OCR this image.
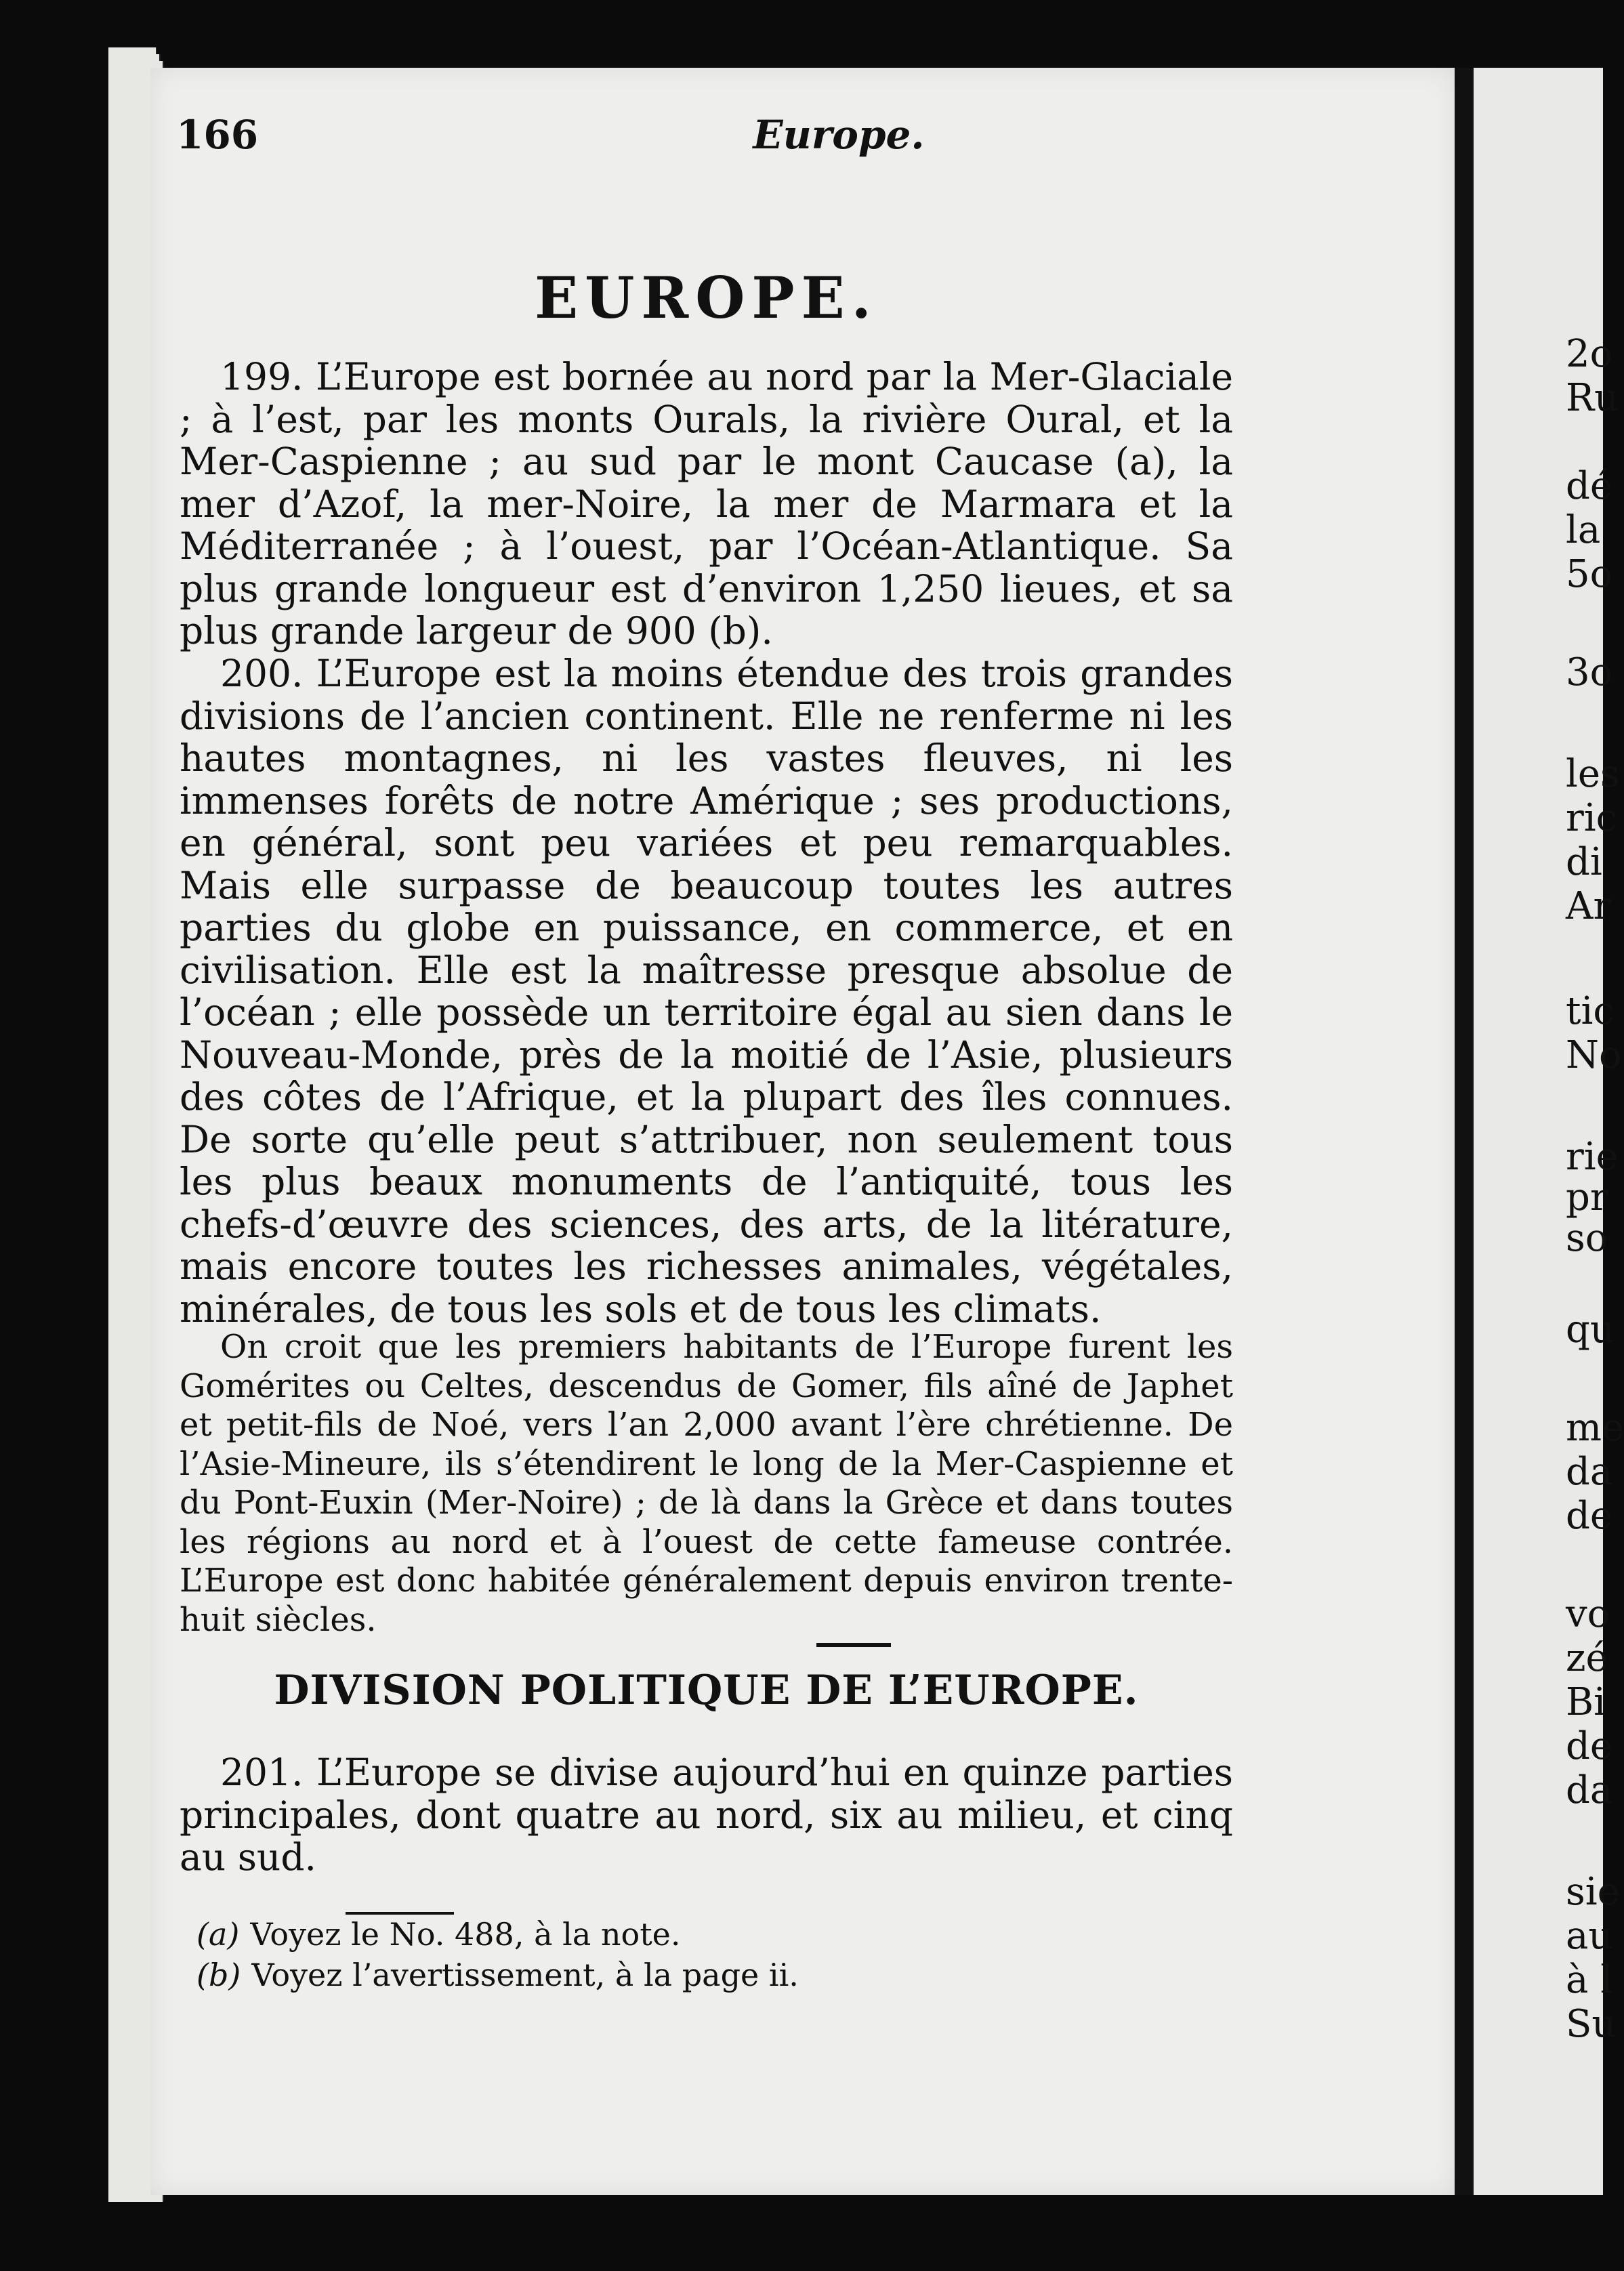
2o
Ru
dé
la
5o
3o
les
ric
di
Ar
tic
No
rie
pr
so
qu
me
da
de
vo
zé
Bi
de
da
sie
au
à l
Su
166	Europe.
EUROPE.

199. L’Europe est bornée au nord par la Mer-Glaciale ; à l’est, par les monts Ourals, la rivière Oural, et la Mer-Caspienne ; au sud par le mont Caucase (a), la mer d’Azof, la mer-Noire, la mer de Marmara et la Méditerranée ; à l’ouest, par l’Océan-Atlantique. Sa plus grande longueur est d’environ 1,250 lieues, et sa plus grande largeur de 900 (b).

200. L’Europe est la moins étendue des trois grandes divisions de l’ancien continent. Elle ne renferme ni les hautes montagnes, ni les vastes fleuves, ni les immenses forêts de notre Amérique ; ses productions, en général, sont peu variées et peu remarquables. Mais elle surpasse de beaucoup toutes les autres parties du globe en puissance, en commerce, et en civilisation. Elle est la maîtresse presque absolue de l’océan ; elle possède un territoire égal au sien dans le Nouveau-Monde, près de la moitié de l’Asie, plusieurs des côtes de l’Afrique, et la plupart des îles connues. De sorte qu’elle peut s’attribuer, non seulement tous les plus beaux monuments de l’antiquité, tous les chefs-d’œuvre des sciences, des arts, de la litérature, mais encore toutes les richesses animales, végétales, minérales, de tous les sols et de tous les climats.

On croit que les premiers habitants de l’Europe furent les Gomérites ou Celtes, descendus de Gomer, fils aîné de Japhet et petit-fils de Noé, vers l’an 2,000 avant l’ère chrétienne. De l’Asie-Mineure, ils s’étendirent le long de la Mer-Caspienne et du Pont-Euxin (Mer-Noire) ; de là dans la Grèce et dans toutes les régions au nord et à l’ouest de cette fameuse contrée. L’Europe est donc habitée généralement depuis environ trente-huit siècles.

DIVISION POLITIQUE DE L’EUROPE.

201. L’Europe se divise aujourd’hui en quinze parties principales, dont quatre au nord, six au milieu, et cinq au sud.

(a) Voyez le No. 488, à la note.
(b) Voyez l’avertissement, à la page ii.
